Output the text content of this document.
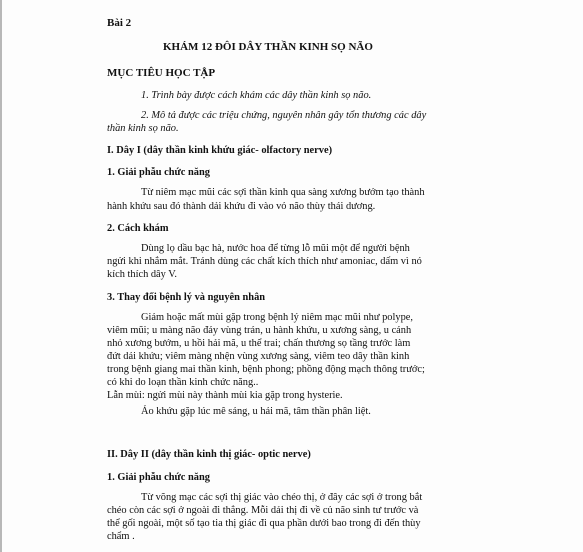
Bài 2
KHÁM 12 ĐÔI DÂY THẦN KINH SỌ NÃO
MỤC TIÊU HỌC TẬP
1. Trình bày được cách khám các dây thần kinh sọ não.
2. Mô tả được các triệu chứng, nguyên nhân gây tổn thương các dây
thần kinh sọ não.
I. Dây I (dây thần kinh khứu giác- olfactory nerve)
1. Giải phẫu chức năng
Từ niêm mạc mũi các sợi thần kinh qua sàng xương bướm tạo thành
hành khứu sau đó thành dải khứu đi vào vỏ não thùy thái dương.
2. Cách khám
Dùng lọ dầu bạc hà, nước hoa để từng lỗ mũi một để người bệnh
ngửi khi nhắm mắt. Tránh dùng các chất kích thích như amoniac, dấm vì nó
kích thích dây V.
3. Thay đổi bệnh lý và nguyên nhân
Giảm hoặc mất mùi gặp trong bệnh lý niêm mạc mũi như polype,
viêm mũi; u màng não đáy vùng trán, u hành khứu, u xương sàng, u cánh
nhỏ xương bướm, u hồi hải mã, u thể trai; chấn thương sọ tầng trước làm
đứt dải khứu; viêm màng nhện vùng xương sàng, viêm teo dây thần kinh
trong bệnh giang mai thần kinh, bệnh phong; phồng động mạch thông trước;
có khi do loạn thần kinh chức năng..
Lẫn mùi: ngửi mùi này thành mùi kia gặp trong hysterie.
Ảo khứu gặp lúc mê sảng, u hải mã, tâm thần phân liệt.
II. Dây II (dây thần kinh thị giác- optic nerve)
1. Giải phẫu chức năng
Từ võng mạc các sợi thị giác vào chéo thị, ở đây các sợi ở trong bắt
chéo còn các sợi ở ngoài đi thẳng. Mỗi dải thị đi về củ não sinh tư trước và
thể gối ngoài, một số tạo tia thị giác đi qua phần dưới bao trong đi đến thùy
chẩm .
